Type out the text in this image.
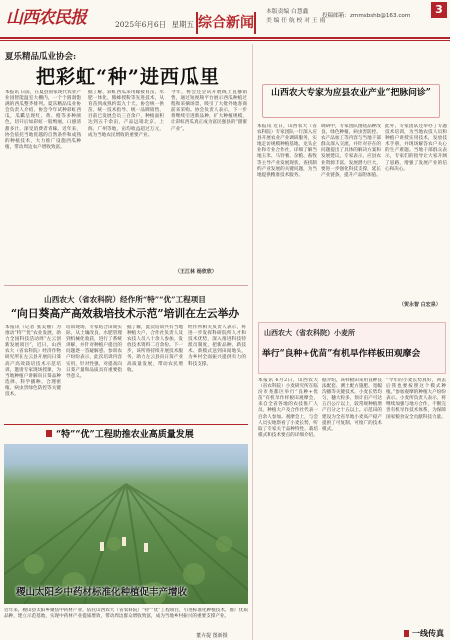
山西农民报	2025年6月6日 星期五 综合新闻
本版责编 白慧鑫
美 编 任 航 校 对 王 雨
投稿邮箱：zmmsbshb@163.com	3
夏乐精品瓜业协会:
把彩虹“种”进西瓜里
本报讯 日前，在夏县国家现代农业产业园智能温室大棚内，一个个圆润饱满的西瓜整齐排列。夏乐精品瓜业协会负责人介绍，协会今年试种彩虹西瓜，瓜瓤呈现红、黄、橙等多种颜色，切开后如彩虹一般绚丽，口感清甜多汁，深受消费者青睐。近年来，协会依托当地优越的自然条件和成熟的种植技术，大力推广设施西瓜种植，带动周边农户增收致富。
据了解，彩虹西瓜采用嫁接育苗、水肥一体化、熊蜂授粉等先进技术，从育苗到成熟约需九十天。协会统一供苗、统一技术指导、统一品牌销售，目前已发展会员三百余户，种植面积达到五千余亩，产品远销北京、上海、广州等地，亩均收益超过万元，成为当地农民增收的重要产业。
今年，协会还尝试开展线上直播销售，通过短视频平台展示西瓜种植过程和采摘场景，吸引了大批外地客商前来采购。协会负责人表示，下一步将继续引进新品种，扩大种植规模，让彩虹西瓜真正成为富民强县的“甜蜜产业”。
（王江林 杨欣欣）
山西农大专家为应县农业产业“把脉问诊”
本报讯 近日，山西农大（省农科院）专家团队一行深入应县开展农业产业调研服务，实地走访规模种植基地、龙头企业和专业合作社，详细了解当地玉米、马铃薯、杂粮、畜牧等主导产业发展现状，查找制约产业发展的关键问题，为当地提供精准技术服务。
调研中，专家团队围绕品种改良、绿色种植、病虫害防控、农产品加工等内容与当地干部群众深入交流，并针对存在的问题提出了具体的解决方案和发展建议。专家表示，应县农业资源丰富，发展潜力巨大，要进一步强化科技支撑，延长产业链条，提升产品附加值。
此外，专家团队还举办了专题技术培训，为当地农技人员和种植户讲授实用技术，发放技术手册，并现场解答农户关心的生产难题。当地干部群众表示，专家们的指导让大家开阔了思路，增强了发展产业的信心和决心。
（贺永智 白宏泉）
山西农大（省农科院）经作所“特”“优”工程项目
“向日葵高产高效栽培技术示范”培训在左云举办
本报讯（记者 张美丽）为推动“特”“优”农业发展，助力全国科技活动周“左云创新发展项目”，近日，山西农大（省农科院）经济作物研究所在左云县开展向日葵高产高效栽培技术示范培训，邀请专家现场授课，为当地种植户讲解向日葵品种选择、科学播种、合理密植、病虫害绿色防控等关键技术。
培训现场，专家结合田间实际，从土壤改良、水肥管理到机械化收获，进行了系统讲解，并针对种植户提出的问题逐一答疑解惑。参训农户纷纷表示，此次培训内容实用、针对性强，对提高向日葵产量和品质具有重要指导意义。
据了解，此次培训共有当地种植大户、合作社负责人及农技人员八十余人参加，发放技术资料二百余份。下一步，该所将持续开展技术服务，助力左云县向日葵产业高质量发展，带动农民增收。
经作所相关负责人表示，将进一步发挥科研院所人才和技术优势，深入推进科技特派员制度，把新品种、新技术、新模式送到田间地头，为乡村全面振兴提供有力的科技支撑。
“特”“优”工程助推农业高质量发展
稷山太阳乡中药材标准化种植促丰产增收
近年来，稷山县太阳乡聚焦中药材产业，依托山西农大（省农科院）“特”“优”工程项目，引进标准化种植技术，推广优质品种，建立示范基地，实现中药材产业提质增效，带动周边群众增收致富，成为当地乡村振兴的重要支撑产业。
董卉提 图新摄
山西农大（省农科院）小麦所
举行“良种+优苗”有机旱作样板田观摩会
本报讯 6月2日，山西农大（省农科院）小麦研究所在临汾市尧都区举行“良种+优苗”有机旱作样板田观摩会，来自全省各地的农技推广人员、种植大户及合作社代表一百余人参加。观摩会上，与会人员实地察看了小麦长势，听取了专家关于品种特性、栽培模式和技术要点的详细介绍。
据介绍，该样板田采用良种良法配套、测土配方施肥、宽幅沟播等关键技术，小麦长势均匀，穗大粒多，预计亩产可达五百公斤以上，较常规种植增产百分之十五以上。示范田的建设为全省旱地小麦高产稳产提供了可复制、可推广的技术模式。
“今年的小麦长势真好，回去后我也要按照这个模式种植。”参加观摩的种植大户纷纷表示。小麦所负责人表示，将继续加强与地方合作，不断完善有机旱作技术体系，为保障国家粮食安全贡献科技力量。
一线传真
